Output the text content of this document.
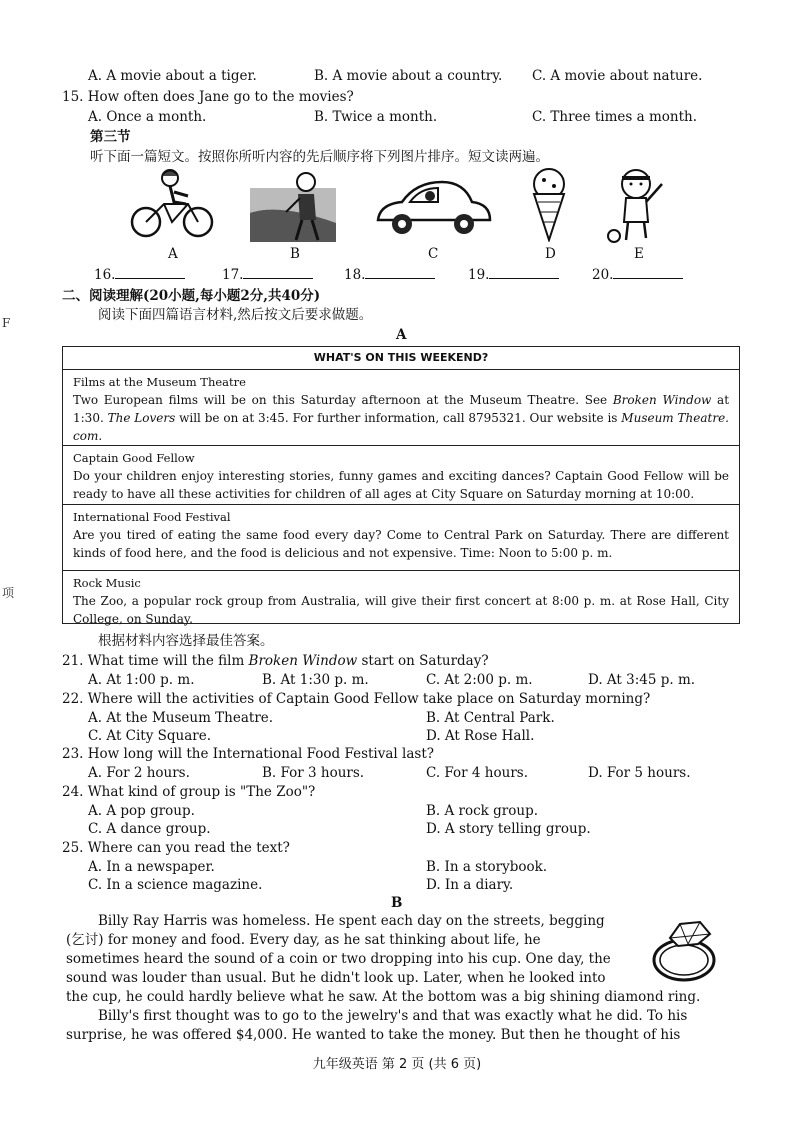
A. A movie about a tiger.	B. A movie about a country. C. A movie about nature.
15. How often does Jane go to the movies?
A. Once a month.	B. Twice a month.	C. Three times a month.
第三节
听下面一篇短文。按照你所听内容的先后顺序将下列图片排序。短文读两遍。
A	B	C	D	E
16.	17.	18.	19.	20.
二、阅读理解(20小题,每小题2分,共40分)
阅读下面四篇语言材料,然后按文后要求做题。
A
WHAT'S ON THIS WEEKEND?
Films at the Museum Theatre
Two European films will be on this Saturday afternoon at the Museum Theatre. See Broken Window at 1:30. The Lovers will be on at 3:45. For further information, call 8795321. Our website is Museum Theatre. com.
Captain Good Fellow
Do your children enjoy interesting stories, funny games and exciting dances? Captain Good Fellow will be ready to have all these activities for children of all ages at City Square on Saturday morning at 10:00.
International Food Festival
Are you tired of eating the same food every day? Come to Central Park on Saturday. There are different kinds of food here, and the food is delicious and not expensive. Time: Noon to 5:00 p. m.
Rock Music
The Zoo, a popular rock group from Australia, will give their first concert at 8:00 p. m. at Rose Hall, City College, on Sunday.
根据材料内容选择最佳答案。
21. What time will the film Broken Window start on Saturday?
A. At 1:00 p. m.	B. At 1:30 p. m.	C. At 2:00 p. m.	D. At 3:45 p. m.
22. Where will the activities of Captain Good Fellow take place on Saturday morning?
A. At the Museum Theatre.	B. At Central Park.
C. At City Square.	D. At Rose Hall.
23. How long will the International Food Festival last?
A. For 2 hours.	B. For 3 hours.	C. For 4 hours.	D. For 5 hours.
24. What kind of group is "The Zoo"?
A. A pop group.	B. A rock group.
C. A dance group.	D. A story telling group.
25. Where can you read the text?
A. In a newspaper.	B. In a storybook.
C. In a science magazine.	D. In a diary.
B
Billy Ray Harris was homeless. He spent each day on the streets, begging
(乞讨) for money and food. Every day, as he sat thinking about life, he
sometimes heard the sound of a coin or two dropping into his cup. One day, the
sound was louder than usual. But he didn't look up. Later, when he looked into
the cup, he could hardly believe what he saw. At the bottom was a big shining diamond ring.
Billy's first thought was to go to the jewelry's and that was exactly what he did. To his
surprise, he was offered $4,000. He wanted to take the money. But then he thought of his
F
项
九年级英语 第 2 页 (共 6 页)
